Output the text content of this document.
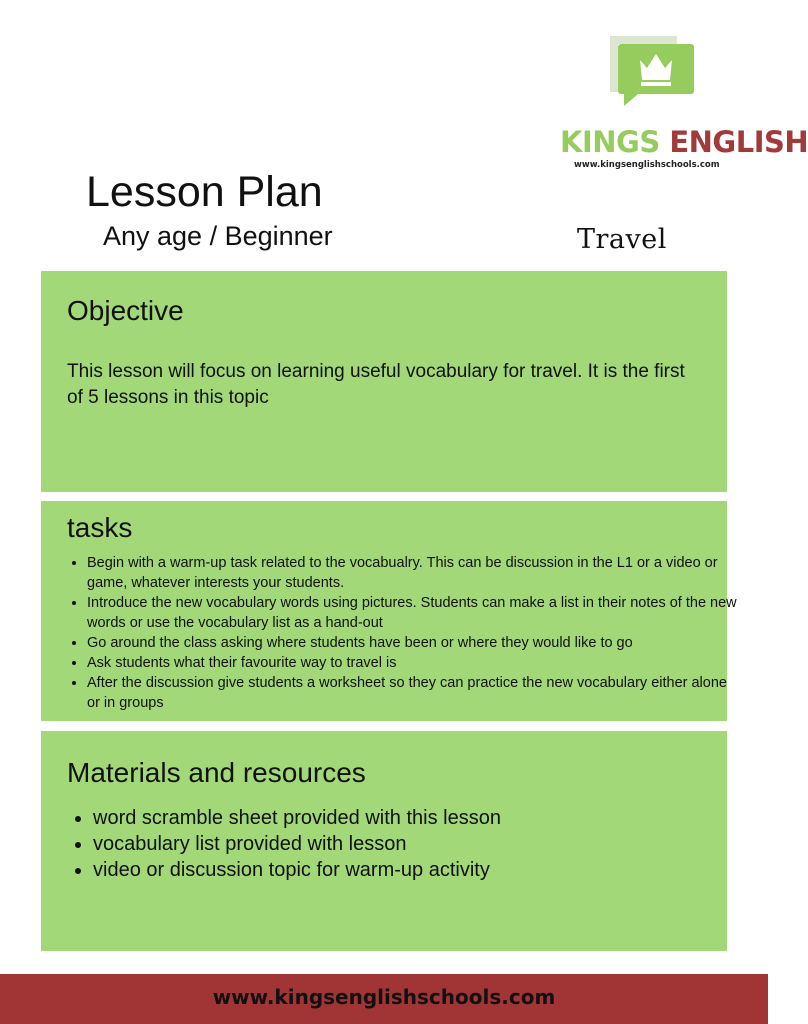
KINGS ENGLISH
www.kingsenglishschools.com
Lesson Plan
Any age / Beginner	Travel
Objective

This lesson will focus on learning useful vocabulary for travel. It is the first of 5 lessons in this topic

tasks
• Begin with a warm-up task related to the vocabualry. This can be discussion in the L1 or a video or game, whatever interests your students.
• Introduce the new vocabulary words using pictures. Students can make a list in their notes of the new words or use the vocabulary list as a hand-out
• Go around the class asking where students have been or where they would like to go
• Ask students what their favourite way to travel is
• After the discussion give students a worksheet so they can practice the new vocabulary either alone or in groups
Materials and resources
• word scramble sheet provided with this lesson
• vocabulary list provided with lesson
• video or discussion topic for warm-up activity
www.kingsenglishschools.com
